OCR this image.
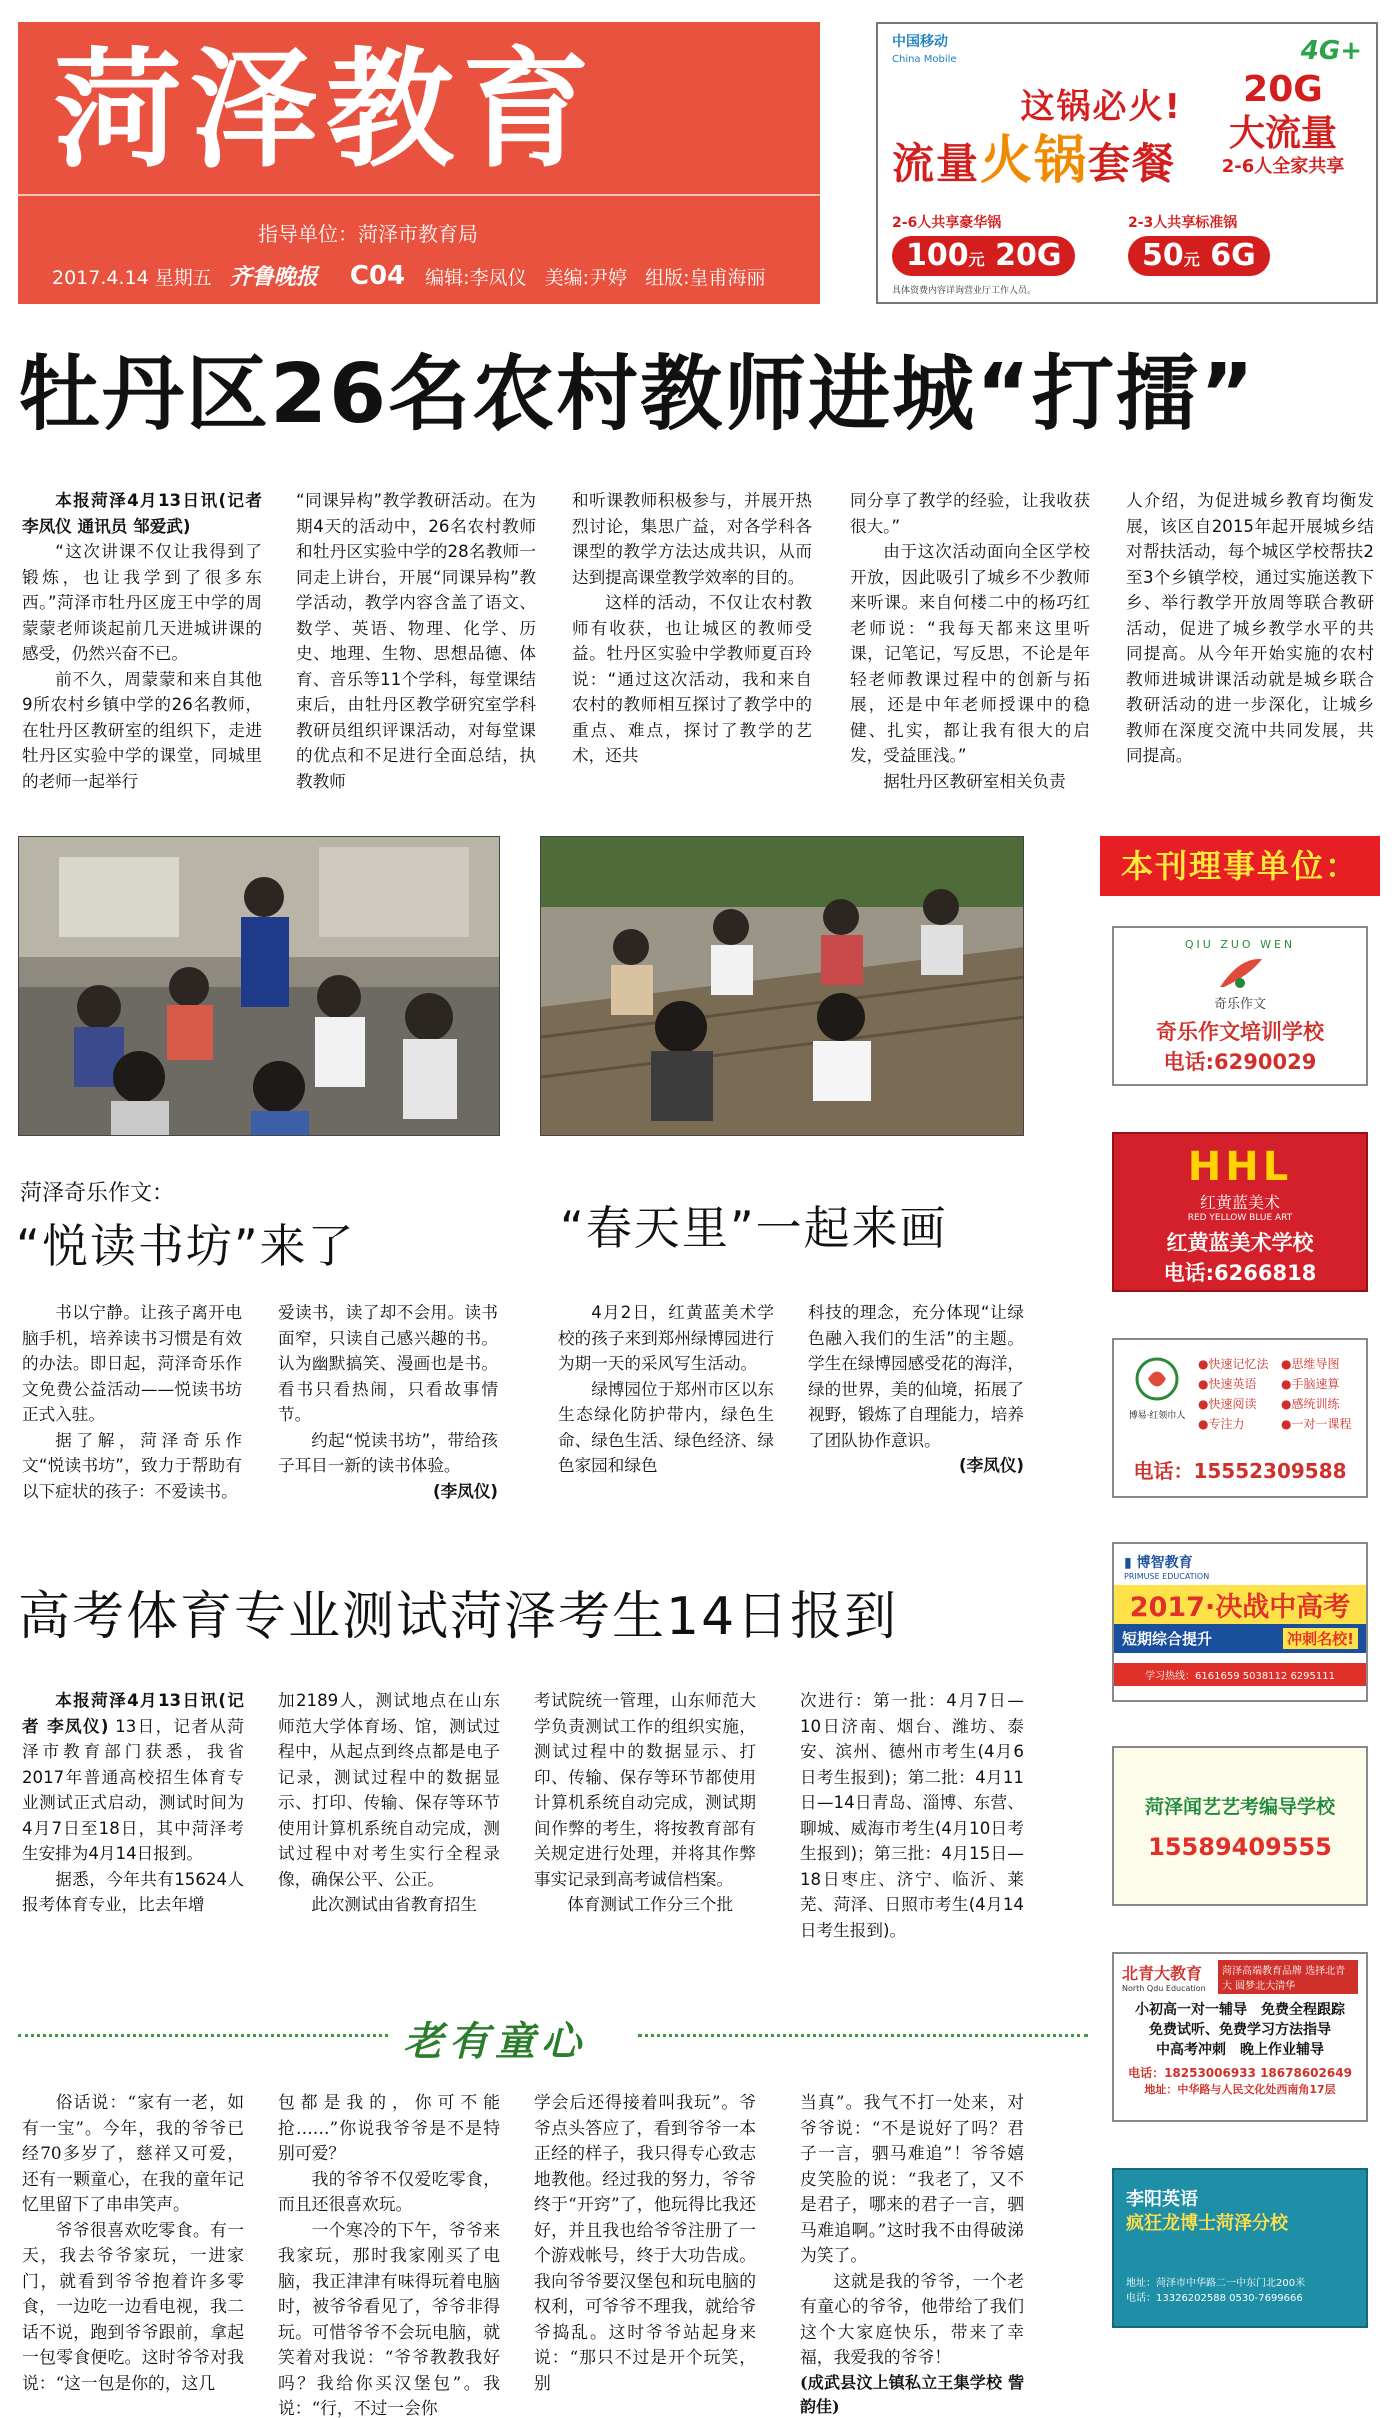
菏泽教育
指导单位：菏泽市教育局
2017.4.14 星期五 齐鲁晚报 C04 编辑:李凤仪 美编:尹婷 组版:皇甫海丽
中国移动
China Mobile	4G+
这锅必火!
流量火锅套餐
20G
大流量
2-6人全家共享
2-6人共享豪华锅
100元 20G
2-3人共享标准锅
50元 6G
具体资费内容详询营业厅工作人员。
牡丹区26名农村教师进城“打擂”
本报菏泽4月13日讯(记者 李凤仪 通讯员 邹爱武)

“这次讲课不仅让我得到了锻炼，也让我学到了很多东西。”菏泽市牡丹区庞王中学的周蒙蒙老师谈起前几天进城讲课的感受，仍然兴奋不已。

前不久，周蒙蒙和来自其他9所农村乡镇中学的26名教师，在牡丹区教研室的组织下，走进牡丹区实验中学的课堂，同城里的老师一起举行

“同课异构”教学教研活动。在为期4天的活动中，26名农村教师和牡丹区实验中学的28名教师一同走上讲台，开展“同课异构”教学活动，教学内容含盖了语文、数学、英语、物理、化学、历史、地理、生物、思想品德、体育、音乐等11个学科，每堂课结束后，由牡丹区教学研究室学科教研员组织评课活动，对每堂课的优点和不足进行全面总结，执教教师
和听课教师积极参与，并展开热烈讨论，集思广益，对各学科各课型的教学方法达成共识，从而达到提高课堂教学效率的目的。

这样的活动，不仅让农村教师有收获，也让城区的教师受益。牡丹区实验中学教师夏百玲说：“通过这次活动，我和来自农村的教师相互探讨了教学中的重点、难点，探讨了教学的艺术，还共

同分享了教学的经验，让我收获很大。”

由于这次活动面向全区学校开放，因此吸引了城乡不少教师来听课。来自何楼二中的杨巧红老师说：“我每天都来这里听课，记笔记，写反思，不论是年轻老师教课过程中的创新与拓展，还是中年老师授课中的稳健、扎实，都让我有很大的启发，受益匪浅。”

据牡丹区教研室相关负责

人介绍，为促进城乡教育均衡发展，该区自2015年起开展城乡结对帮扶活动，每个城区学校帮扶2至3个乡镇学校，通过实施送教下乡、举行教学开放周等联合教研活动，促进了城乡教学水平的共同提高。从今年开始实施的农村教师进城讲课活动就是城乡联合教研活动的进一步深化，让城乡教师在深度交流中共同发展，共同提高。
菏泽奇乐作文：
“悦读书坊”来了

书以宁静。让孩子离开电脑手机，培养读书习惯是有效的办法。即日起，菏泽奇乐作文免费公益活动——悦读书坊正式入驻。

据了解，菏泽奇乐作文“悦读书坊”，致力于帮助有以下症状的孩子：不爱读书。

爱读书，读了却不会用。读书面窄，只读自己感兴趣的书。认为幽默搞笑、漫画也是书。看书只看热闹，只看故事情节。

约起“悦读书坊”，带给孩子耳目一新的读书体验。

(李凤仪)
“春天里”一起来画

4月2日，红黄蓝美术学校的孩子来到郑州绿博园进行为期一天的采风写生活动。

绿博园位于郑州市区以东生态绿化防护带内，绿色生命、绿色生活、绿色经济、绿色家园和绿色

科技的理念，充分体现“让绿色融入我们的生活”的主题。学生在绿博园感受花的海洋，绿的世界，美的仙境，拓展了视野，锻炼了自理能力，培养了团队协作意识。
(李凤仪)
高考体育专业测试菏泽考生14日报到
本报菏泽4月13日讯(记者 李凤仪) 13日，记者从菏泽市教育部门获悉，我省2017年普通高校招生体育专业测试正式启动，测试时间为4月7日至18日，其中菏泽考生安排为4月14日报到。

据悉，今年共有15624人报考体育专业，比去年增

加2189人，测试地点在山东师范大学体育场、馆，测试过程中，从起点到终点都是电子记录，测试过程中的数据显示、打印、传输、保存等环节使用计算机系统自动完成，测试过程中对考生实行全程录像，确保公平、公正。

此次测试由省教育招生

考试院统一管理，山东师范大学负责测试工作的组织实施，测试过程中的数据显示、打印、传输、保存等环节都使用计算机系统自动完成，测试期间作弊的考生，将按教育部有关规定进行处理，并将其作弊事实记录到高考诚信档案。

体育测试工作分三个批

次进行：第一批：4月7日—10日济南、烟台、潍坊、泰安、滨州、德州市考生(4月6日考生报到)；第二批：4月11日—14日青岛、淄博、东营、聊城、威海市考生(4月10日考生报到)；第三批：4月15日—18日枣庄、济宁、临沂、莱芜、菏泽、日照市考生(4月14日考生报到)。
老有童心

俗话说：“家有一老，如有一宝”。今年，我的爷爷已经70多岁了，慈祥又可爱，还有一颗童心，在我的童年记忆里留下了串串笑声。

爷爷很喜欢吃零食。有一天，我去爷爷家玩，一进家门，就看到爷爷抱着许多零食，一边吃一边看电视，我二话不说，跑到爷爷跟前，拿起一包零食便吃。这时爷爷对我说：“这一包是你的，这几

包都是我的，你可不能抢……”你说我爷爷是不是特别可爱？

我的爷爷不仅爱吃零食，而且还很喜欢玩。

一个寒冷的下午，爷爷来我家玩，那时我家刚买了电脑，我正津津有味得玩着电脑时，被爷爷看见了，爷爷非得玩。可惜爷爷不会玩电脑，就笑着对我说：“爷爷教教我好吗？我给你买汉堡包”。我说：“行，不过一会你

学会后还得接着叫我玩”。爷爷点头答应了，看到爷爷一本正经的样子，我只得专心致志地教他。经过我的努力，爷爷终于“开窍”了，他玩得比我还好，并且我也给爷爷注册了一个游戏帐号，终于大功告成。我向爷爷要汉堡包和玩电脑的权利，可爷爷不理我，就给爷爷捣乱。这时爷爷站起身来说：“那只不过是开个玩笑，别
当真”。我气不打一处来，对爷爷说：“不是说好了吗？君子一言，驷马难追”！爷爷嬉皮笑脸的说：“我老了，又不是君子，哪来的君子一言，驷马难追啊。”这时我不由得破涕为笑了。

这就是我的爷爷，一个老有童心的爷爷，他带给了我们这个大家庭快乐，带来了幸福，我爱我的爷爷！

(成武县汶上镇私立王集学校 訾韵佳)
本刊理事单位：
QIU ZUO WEN
奇乐作文
奇乐作文培训学校
电话:6290029
HHL
红黄蓝美术
RED YELLOW BLUE ART
红黄蓝美术学校
电话:6266818
博易·红领巾人
●快速记忆法	●思维导图
●快速英语	●手脑速算
●快速阅读	●感统训练
●专注力	●一对一课程
电话：15552309588
▮ 博智教育
PRIMUSE EDUCATION
2017·决战中高考
短期综合提升	冲刺名校!
学习热线：6161659 5038112 6295111
菏泽闻艺艺考编导学校
15589409555
北青大教育
North Qdu Education
菏泽高端教育品牌 选择北青大 圆梦北大清华
小初高一对一辅导　免费全程跟踪
免费试听、免费学习方法指导
中高考冲刺　晚上作业辅导
电话：18253006933 18678602649
地址：中华路与人民文化处西南角17层
李阳英语
疯狂龙博士菏泽分校
地址：菏泽市中华路二一中东门北200米
电话：13326202588 0530-7699666
